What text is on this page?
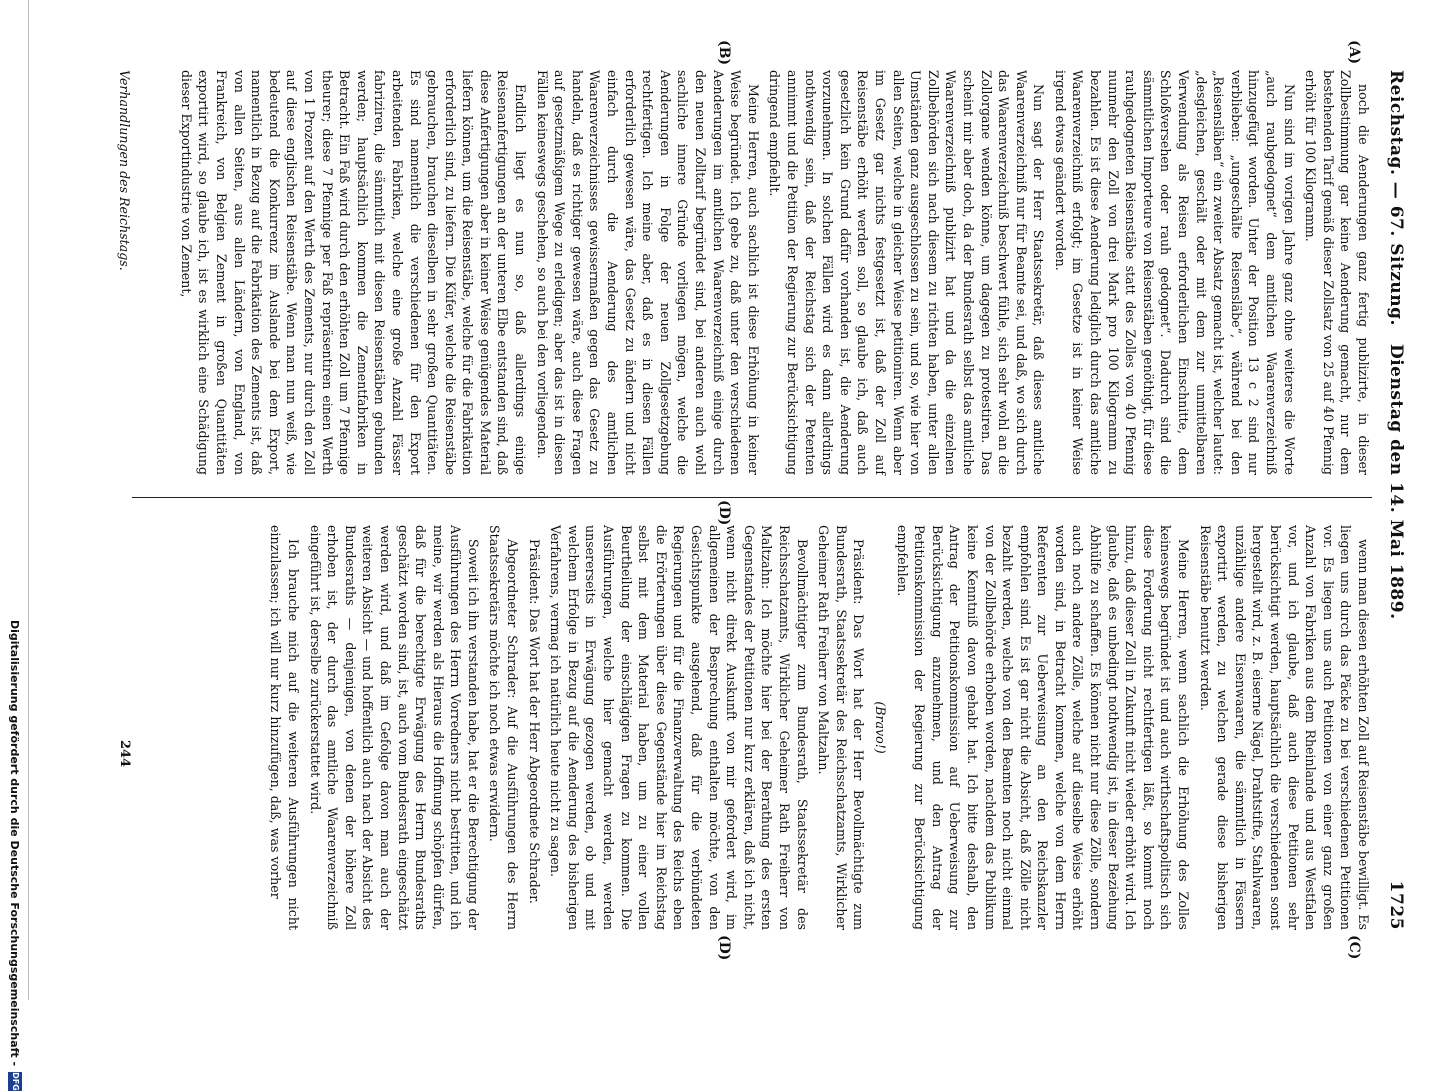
Digitalisierung gefördert durch die Deutsche Forschungsgemeinschaft -
DFG
Reichstag. — 67. Sitzung.
Dienstag den 14. Mai 1889.
1725
(A)
(B)
(C)
(D)
(D)

noch die Aenderungen ganz fertig publizirte, in dieser Zollbestimmung gar keine Aenderung gemacht, nur dem bestehenden Tarif gemäß dieser Zollsatz von 25 auf 40 Pfennig erhöht für 100 Kilogramm.

Nun sind im vorigen Jahre ganz ohne weiteres die Worte „auch raubgedognet“ dem amtlichen Waarenverzeichniß hinzugefügt worden. Unter der Position 13 c 2 sind nur verblieben: „ungeschälte Reisensläbe“, während bei den „Reisensläben“ ein zweiter Absatz gemacht ist, welcher lautet: „desgleichen, geschält oder mit dem zur unmittelbaren Verwendung als Reisen erforderlichen Einschnitte, dem Schloßversehen oder rauh gedognet“. Dadurch sind die sämmtlichen Importeure von Reisenstäben genöthigt, für diese rauhgedogneten Reisenstäbe statt des Zolles von 40 Pfennig nunmehr den Zoll von drei Mark pro 100 Kilogramm zu bezahlen. Es ist diese Aenderung lediglich durch das amtliche Waarenverzeichniß erfolgt; im Gesetze ist in keiner Weise irgend etwas geändert worden.

Nun sagt der Herr Staatssekretär, daß dieses amtliche Waarenverzeichniß nur für Beamte sei, und daß, wo sich durch das Waarenverzeichniß beschwert fühle, sich sehr wohl an die Zollorgane wenden könne, um dagegen zu protestiren. Das scheint mir aber doch, da der Bundesrath selbst das amtliche Waarenverzeichniß publizirt hat und da die einzelnen Zollbehörden sich nach diesem zu richten haben, unter allen Umständen ganz ausgeschlossen zu sein, und so, wie hier von allen Seiten, welche in gleicher Weise petitioniren. Wenn aber im Gesetz gar nichts festgesetzt ist, daß der Zoll auf Reisenstäbe erhöht werden soll, so glaube ich, daß auch gesetzlich kein Grund dafür vorhanden ist, die Aenderung vorzunehmen. In solchen Fällen wird es dann allerdings nothwendig sein, daß der Reichstag sich der Petenten annimmt und die Petition der Regierung zur Berücksichtigung dringend empfiehlt.

Meine Herren, auch sachlich ist diese Erhöhung in keiner Weise begründet. Ich gebe zu, daß unter den verschiedenen Aenderungen im amtlichen Waarenverzeichniß einige durch den neuen Zolltarif begründet sind, bei anderen auch wohl sachliche innere Gründe vorliegen mögen, welche die Aenderungen in Folge der neuen Zollgesetzgebung rechtfertigen. Ich meine aber, daß es in diesen Fällen erforderlich gewesen wäre, das Gesetz zu ändern und nicht einfach durch die Aenderung des amtlichen Waarenverzeichnisses gewissermaßen gegen das Gesetz zu handeln, daß es richtiger gewesen wäre, auch diese Fragen auf gesetzmäßigem Wege zu erledigen; aber das ist in diesen Fällen keineswegs geschehen, so auch bei den vorliegenden.

Endlich liegt es nun so, daß allerdings einige Reisenanfertigungen an der unteren Elbe entstanden sind, daß diese Anfertigungen aber in keiner Weise genügendes Material liefern können, um die Reisenstäbe, welche für die Fabrikation erforderlich sind, zu liefern. Die Küfer, welche die Reisenstäbe gebrauchen, brauchen dieselben in sehr großen Quantitäten. Es sind namentlich die verschiedenen für den Export arbeitenden Fabriken, welche eine große Anzahl Fässer fabriziren, die sämmtlich mit diesen Reisenstäben gebunden werden; hauptsächlich kommen die Zementfabriken in Betracht. Ein Faß wird durch den erhöhten Zoll um 7 Pfennige theurer; diese 7 Pfennige per Faß repräsentiren einen Werth von 1 Prozent auf den Werth des Zements, nur durch den Zoll auf diese englischen Reisenstäbe. Wenn man nun weiß, wie bedeutend die Konkurrenz im Auslande bei dem Export, namentlich in Bezug auf die Fabrikation des Zements ist, daß von allen Seiten, aus allen Ländern, von England, von Frankreich, von Belgien Zement in großen Quantitäten exportirt wird, so glaube ich, ist es wirklich eine Schädigung dieser Exportindustrie von Zement,

wenn man diesen erhöhten Zoll auf Reisenstäbe bewilligt. Es liegen uns durch das Päcke zu bei verschiedenen Petitionen vor. Es liegen uns auch Petitionen von einer ganz großen Anzahl von Fabriken aus dem Rheinlande und aus Westfalen vor, und ich glaube, daß auch diese Petitionen sehr berücksichtigt werden, hauptsächlich die verschiedenen sonst hergestellt wird, z. B. eiserne Nägel, Drahtstifte, Stahlwaaren, unzählige andere Eisenwaaren, die sämmtlich in Fässern exportirt werden, zu welchen gerade diese bisherigen Reisenstäbe benutzt werden.

Meine Herren, wenn sachlich die Erhöhung des Zolles keineswegs begründet ist und auch wirthschaftspolitisch sich diese Forderung nicht rechtfertigen läßt, so kommt noch hinzu, daß dieser Zoll in Zukunft nicht wieder erhöht wird. Ich glaube, daß es unbedingt nothwendig ist, in dieser Beziehung Abhülfe zu schaffen. Es können nicht nur diese Zölle, sondern auch noch andere Zölle, welche auf dieselbe Weise erhöht worden sind, in Betracht kommen, welche von dem Herrn Referenten zur Ueberweisung an den Reichskanzler empfohlen sind. Es ist gar nicht die Absicht, daß Zölle nicht bezahlt werden, welche von den Beamten noch nicht einmal von der Zollbehörde erhoben worden, nachdem das Publikum keine Kenntniß davon gehabt hat. Ich bitte deshalb, den Antrag der Petitionskommission auf Ueberweisung zur Berücksichtigung anzunehmen, und den Antrag der Petitionskommission der Regierung zur Berücksichtigung empfehlen.

(Bravo!)

Präsident: Das Wort hat der Herr Bevollmächtigte zum Bundesrath, Staatssekretär des Reichsschatzamts, Wirklicher Geheimer Rath Freiherr von Maltzahn.

Bevollmächtigter zum Bundesrath, Staatssekretär des Reichsschatzamts, Wirklicher Geheimer Rath Freiherr von Maltzahn: Ich möchte hier bei der Berathung des ersten Gegenstandes der Petitionen nur kurz erklären, daß ich nicht, wenn nicht direkt Auskunft von mir gefordert wird, im allgemeinen der Besprechung enthalten möchte, von den Gesichtspunkte ausgehend, daß für die verbündeten Regierungen und für die Finanzverwaltung des Reichs eben die Erörterungen über diese Gegenstände hier im Reichstag selbst mit dem Material haben, um zu einer vollen Beurtheilung der einschlägigen Fragen zu kommen. Die Ausführungen, welche hier gemacht werden, werden unsererseits in Erwägung gezogen werden, ob und mit welchem Erfolge in Bezug auf die Aenderung des bisherigen Verfahrens, vermag ich natürlich heute nicht zu sagen.

Präsident: Das Wort hat der Herr Abgeordnete Schrader.

Abgeordneter Schrader: Auf die Ausführungen des Herrn Staatssekretärs möchte ich noch etwas erwidern.

Soweit ich ihn verstanden habe, hat er die Berechtigung der Ausführungen des Herrn Vorredners nicht bestritten, und ich meine, wir werden als Hieraus die Hoffnung schöpfen dürfen, daß für die berechtigte Erwägung des Herrn Bundesraths geschätzt worden sind, ist, auch vom Bundesrath eingeschätzt werden wird, und daß im Gefolge davon man auch der weiteren Absicht — und hoffentlich auch nach der Absicht des Bundesraths — denjenigen, von denen der höhere Zoll erhoben ist, der durch das amtliche Waarenverzeichniß eingeführt ist, derselbe zurückerstattet wird.

Ich brauche mich auf die weiteren Ausführungen nicht einzulassen; ich will nur kurz hinzufügen, daß, was vorher

Verhandlungen des Reichstags.
244
